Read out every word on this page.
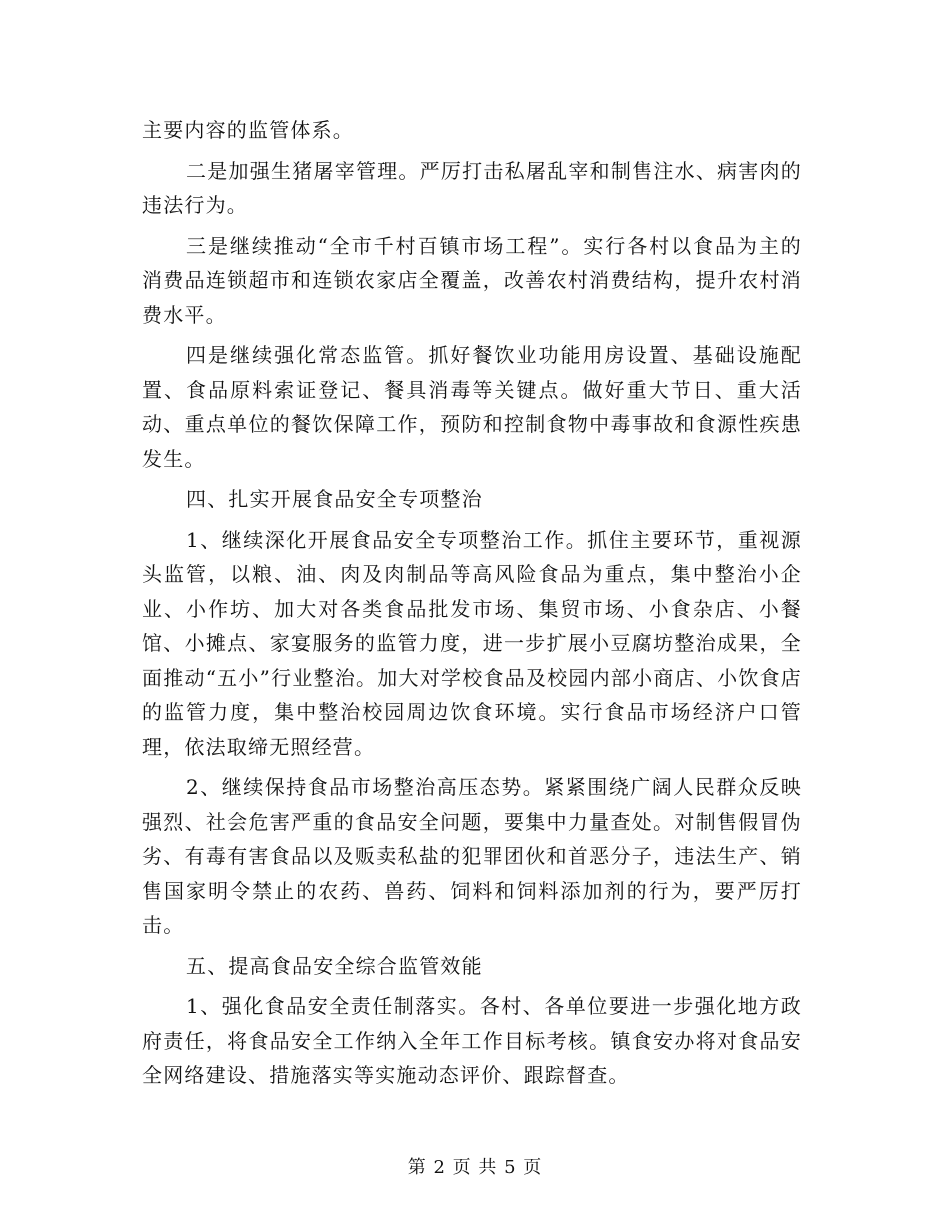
主要内容的监管体系。

二是加强生猪屠宰管理。严厉打击私屠乱宰和制售注水、病害肉的违法行为。

三是继续推动“全市千村百镇市场工程”。实行各村以食品为主的消费品连锁超市和连锁农家店全覆盖，改善农村消费结构，提升农村消费水平。

四是继续强化常态监管。抓好餐饮业功能用房设置、基础设施配置、食品原料索证登记、餐具消毒等关键点。做好重大节日、重大活动、重点单位的餐饮保障工作，预防和控制食物中毒事故和食源性疾患发生。

四、扎实开展食品安全专项整治

1、继续深化开展食品安全专项整治工作。抓住主要环节，重视源头监管，以粮、油、肉及肉制品等高风险食品为重点，集中整治小企业、小作坊、加大对各类食品批发市场、集贸市场、小食杂店、小餐馆、小摊点、家宴服务的监管力度，进一步扩展小豆腐坊整治成果，全面推动“五小”行业整治。加大对学校食品及校园内部小商店、小饮食店的监管力度，集中整治校园周边饮食环境。实行食品市场经济户口管理，依法取缔无照经营。

2、继续保持食品市场整治高压态势。紧紧围绕广阔人民群众反映强烈、社会危害严重的食品安全问题，要集中力量查处。对制售假冒伪劣、有毒有害食品以及贩卖私盐的犯罪团伙和首恶分子，违法生产、销售国家明令禁止的农药、兽药、饲料和饲料添加剂的行为，要严厉打击。

五、提高食品安全综合监管效能

1、强化食品安全责任制落实。各村、各单位要进一步强化地方政府责任，将食品安全工作纳入全年工作目标考核。镇食安办将对食品安全网络建设、措施落实等实施动态评价、跟踪督查。

第 2 页 共 5 页
